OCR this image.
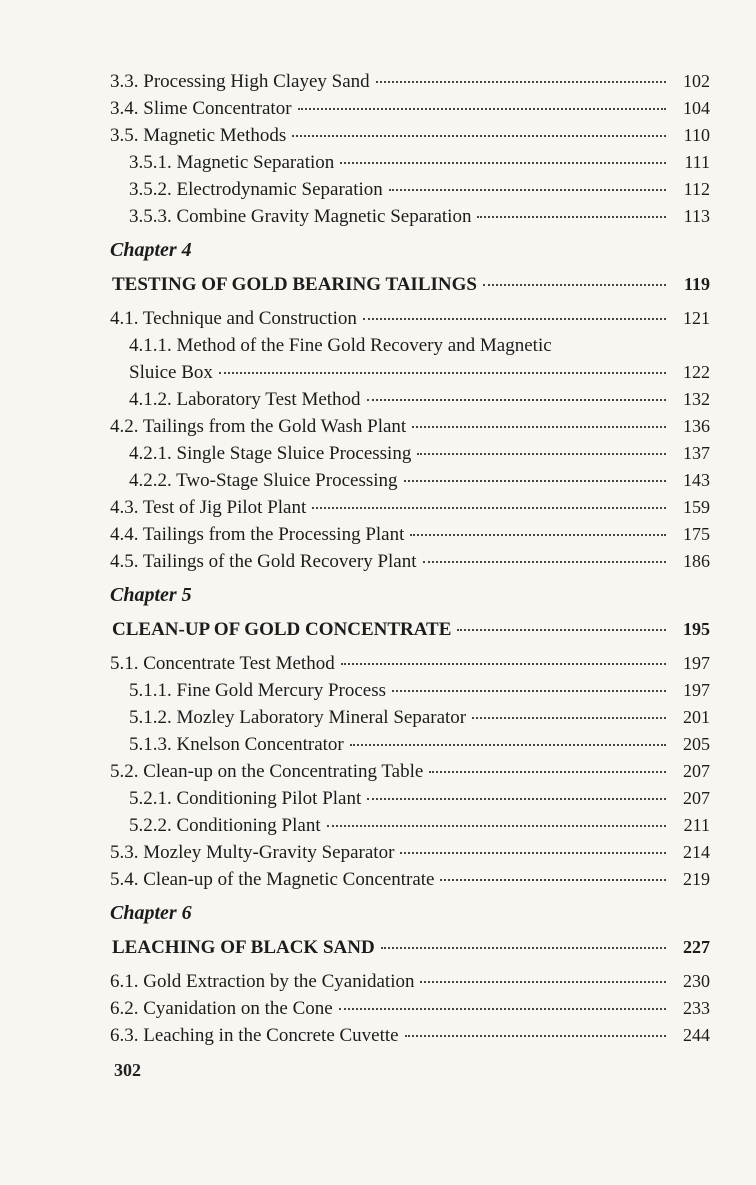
3.3. Processing High Clayey Sand	102
3.4. Slime Concentrator	104
3.5. Magnetic Methods	110
3.5.1. Magnetic Separation	111
3.5.2. Electrodynamic Separation	112
3.5.3. Combine Gravity Magnetic Separation	113
Chapter 4
TESTING OF GOLD BEARING TAILINGS	119
4.1. Technique and Construction	121
4.1.1. Method of the Fine Gold Recovery and Magnetic
Sluice Box	122
4.1.2. Laboratory Test Method	132
4.2. Tailings from the Gold Wash Plant	136
4.2.1. Single Stage Sluice Processing	137
4.2.2. Two-Stage Sluice Processing	143
4.3. Test of Jig Pilot Plant	159
4.4. Tailings from the Processing Plant	175
4.5. Tailings of the Gold Recovery Plant	186
Chapter 5
CLEAN-UP OF GOLD CONCENTRATE	195
5.1. Concentrate Test Method	197
5.1.1. Fine Gold Mercury Process	197
5.1.2. Mozley Laboratory Mineral Separator	201
5.1.3. Knelson Concentrator	205
5.2. Clean-up on the Concentrating Table	207
5.2.1. Conditioning Pilot Plant	207
5.2.2. Conditioning Plant	211
5.3. Mozley Multy-Gravity Separator	214
5.4. Clean-up of the Magnetic Concentrate	219
Chapter 6
LEACHING OF BLACK SAND	227
6.1. Gold Extraction by the Cyanidation	230
6.2. Cyanidation on the Cone	233
6.3. Leaching in the Concrete Cuvette	244
302
